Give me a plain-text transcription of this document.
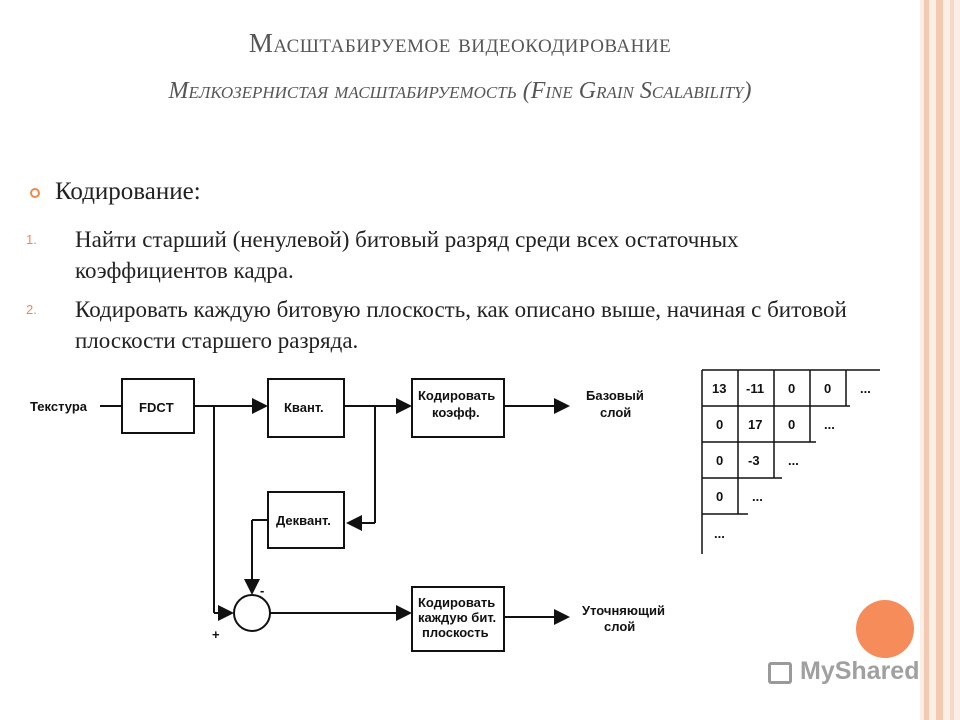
Масштабируемое видеокодирование
Мелкозернистая масштабируемость (Fine Grain Scalability)
Кодирование:
1. Найти старший (ненулевой) битовый разряд среди всех остаточных коэффициентов кадра.
2. Кодировать каждую битовую плоскость, как описано выше, начиная с битовой плоскости старшего разряда.
Текстура	FDCT	Квант.
Кодировать
коэфф.
Базовый
слой
Деквант.
Кодировать
каждую бит.
плоскость
Уточняющий
слой
-
+
13 -11 0 0 ...
0 17 0 ...
0 -3 ...
0 ...
...
MyShared
